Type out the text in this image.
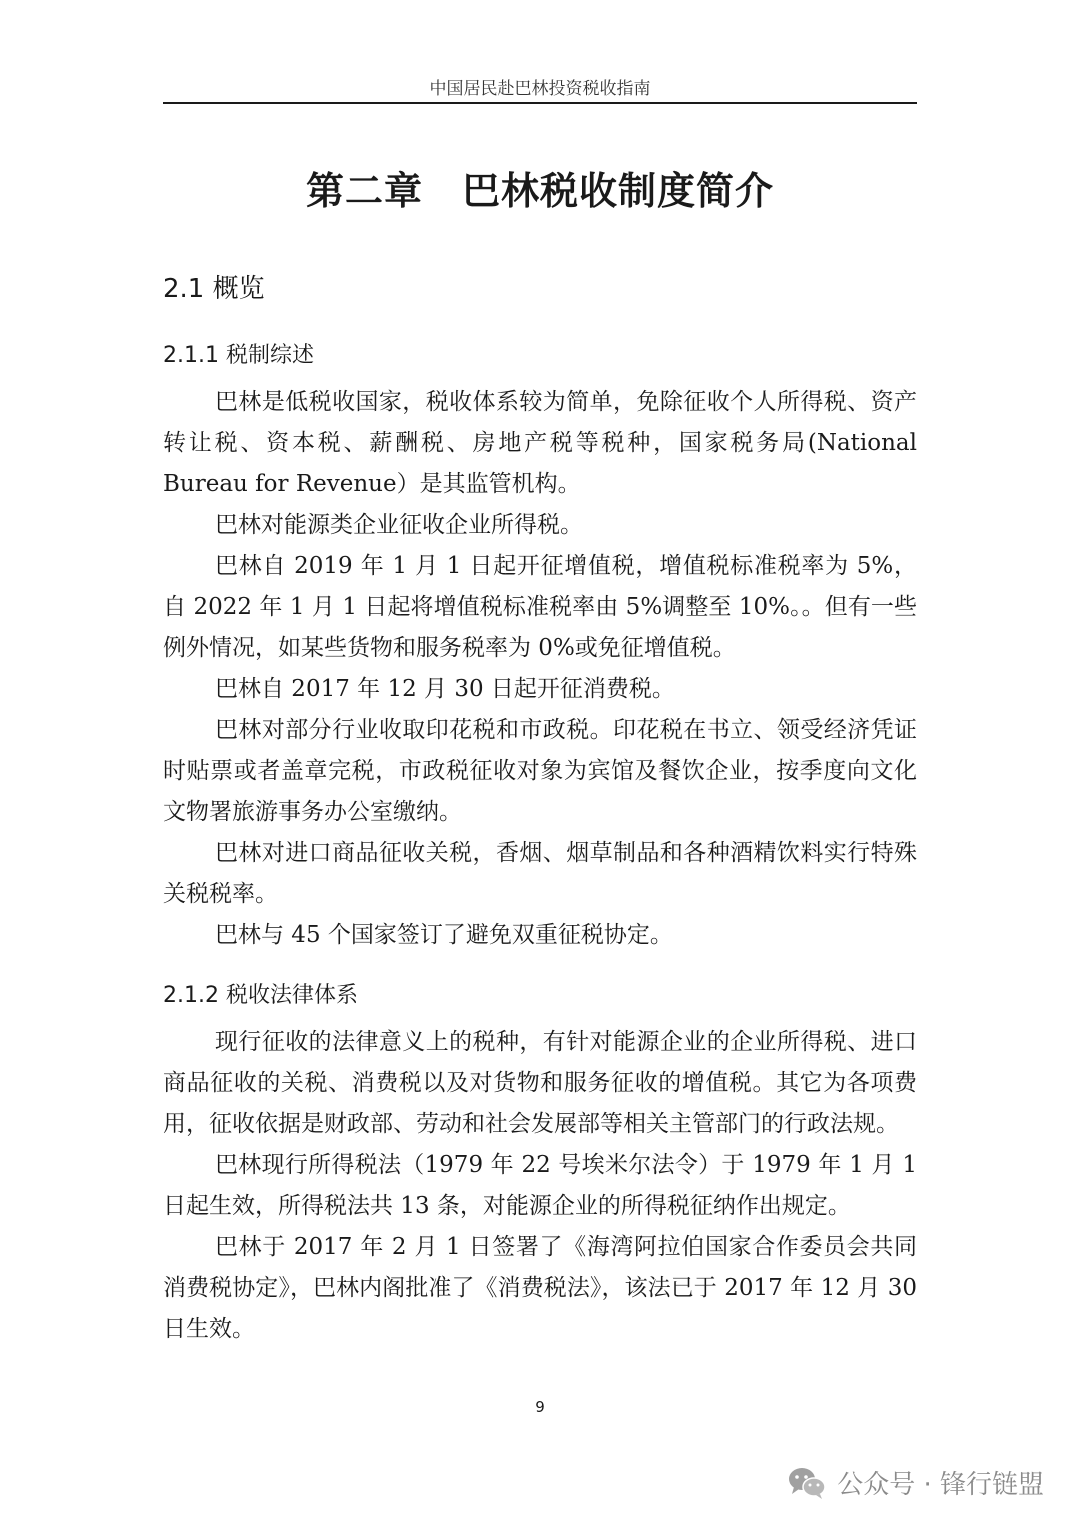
中国居民赴巴林投资税收指南
第二章　巴林税收制度简介
2.1 概览
2.1.1 税制综述

巴林是低税收国家，税收体系较为简单，免除征收个人所得税、资产转让税、资本税、薪酬税、房地产税等税种，国家税务局(National Bureau for Revenue）是其监管机构。

巴林对能源类企业征收企业所得税。

巴林自 2019 年 1 月 1 日起开征增值税，增值税标准税率为 5%，自 2022 年 1 月 1 日起将增值税标准税率由 5%调整至 10%。。但有一些例外情况，如某些货物和服务税率为 0%或免征增值税。

巴林自 2017 年 12 月 30 日起开征消费税。

巴林对部分行业收取印花税和市政税。印花税在书立、领受经济凭证时贴票或者盖章完税，市政税征收对象为宾馆及餐饮企业，按季度向文化文物署旅游事务办公室缴纳。

巴林对进口商品征收关税，香烟、烟草制品和各种酒精饮料实行特殊关税税率。

巴林与 45 个国家签订了避免双重征税协定。

2.1.2 税收法律体系

现行征收的法律意义上的税种，有针对能源企业的企业所得税、进口商品征收的关税、消费税以及对货物和服务征收的增值税。其它为各项费用，征收依据是财政部、劳动和社会发展部等相关主管部门的行政法规。

巴林现行所得税法（1979 年 22 号埃米尔法令）于 1979 年 1 月 1 日起生效，所得税法共 13 条，对能源企业的所得税征纳作出规定。

巴林于 2017 年 2 月 1 日签署了《海湾阿拉伯国家合作委员会共同消费税协定》，巴林内阁批准了《消费税法》，该法已于 2017 年 12 月 30 日生效。

9
公众号 · 锋行链盟
